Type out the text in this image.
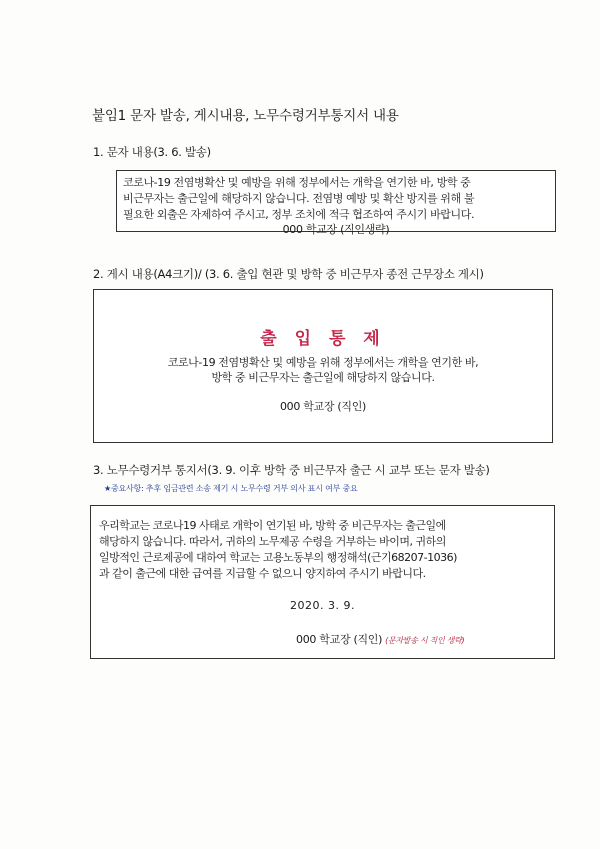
붙임1 문자 발송, 게시내용, 노무수령거부통지서 내용
1. 문자 내용(3. 6. 발송)
코로나-19 전염병확산 및 예방을 위해 정부에서는 개학을 연기한 바, 방학 중
비근무자는 출근일에 해당하지 않습니다. 전염병 예방 및 확산 방지를 위해 불
필요한 외출은 자제하여 주시고, 정부 조치에 적극 협조하여 주시기 바랍니다.
000 학교장 (직인생략)
2. 게시 내용(A4크기)/ (3. 6. 출입 현관 및 방학 중 비근무자 종전 근무장소 게시)
출 입 통 제
코로나-19 전염병확산 및 예방을 위해 정부에서는 개학을 연기한 바,
방학 중 비근무자는 출근일에 해당하지 않습니다.
000 학교장 (직인)
3. 노무수령거부 통지서(3. 9. 이후 방학 중 비근무자 출근 시 교부 또는 문자 발송)
★중요사항: 추후 임금관련 소송 제기 시 노무수령 거부 의사 표시 여부 중요
우리학교는 코로나19 사태로 개학이 연기된 바, 방학 중 비근무자는 출근일에
해당하지 않습니다. 따라서, 귀하의 노무제공 수령을 거부하는 바이며, 귀하의
일방적인 근로제공에 대하여 학교는 고용노동부의 행정해석(근기68207-1036)
과 같이 출근에 대한 급여를 지급할 수 없으니 양지하여 주시기 바랍니다.
2020. 3. 9.
000 학교장 (직인) (문자발송 시 직인 생략)
